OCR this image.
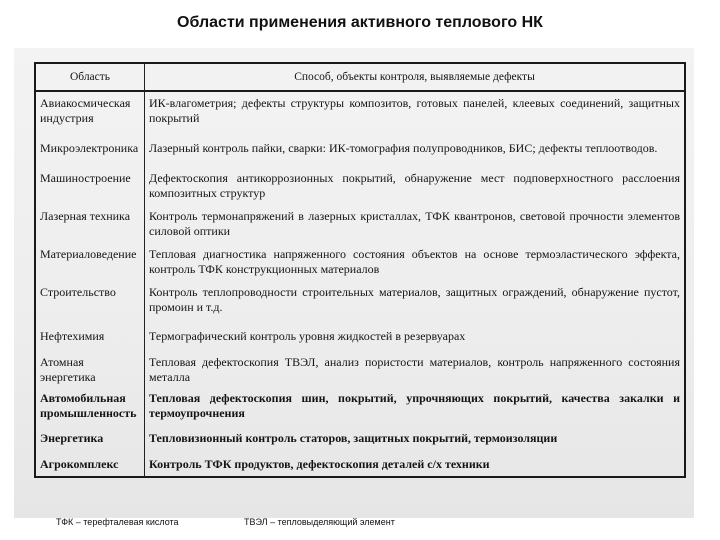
Области применения активного теплового НК
Область	Способ, объекты контроля, выявляемые дефекты
Авиакосмическая индустрия	ИК-влагометрия; дефекты структуры композитов, готовых панелей, клеевых соединений, защитных покрытий
Микроэлектроника	Лазерный контроль пайки, сварки: ИК-томография полупроводников, БИС; дефекты теплоотводов.
Машиностроение	Дефектоскопия антикоррозионных покрытий, обнаружение мест подповерхностного расслоения композитных структур
Лазерная техника	Контроль термонапряжений в лазерных кристаллах, ТФК квантронов, световой прочности элементов силовой оптики
Материаловедение	Тепловая диагностика напряженного состояния объектов на основе термоэластического эффекта, контроль ТФК конструкционных материалов
Строительство	Контроль теплопроводности строительных материалов, защитных ограждений, обнаружение пустот, промоин и т.д.
Нефтехимия	Термографический контроль уровня жидкостей в резервуарах
Атомная энергетика	Тепловая дефектоскопия ТВЭЛ, анализ пористости материалов, контроль напряженного состояния металла
Автомобильная промышленность	Тепловая дефектоскопия шин, покрытий, упрочняющих покрытий, качества закалки и термоупрочнения
Энергетика	Тепловизионный контроль статоров, защитных покрытий, термоизоляции
Агрокомплекс	Контроль ТФК продуктов, дефектоскопия деталей с/х техники
ТФК – терефталевая кислота	ТВЭЛ – тепловыделяющий элемент
